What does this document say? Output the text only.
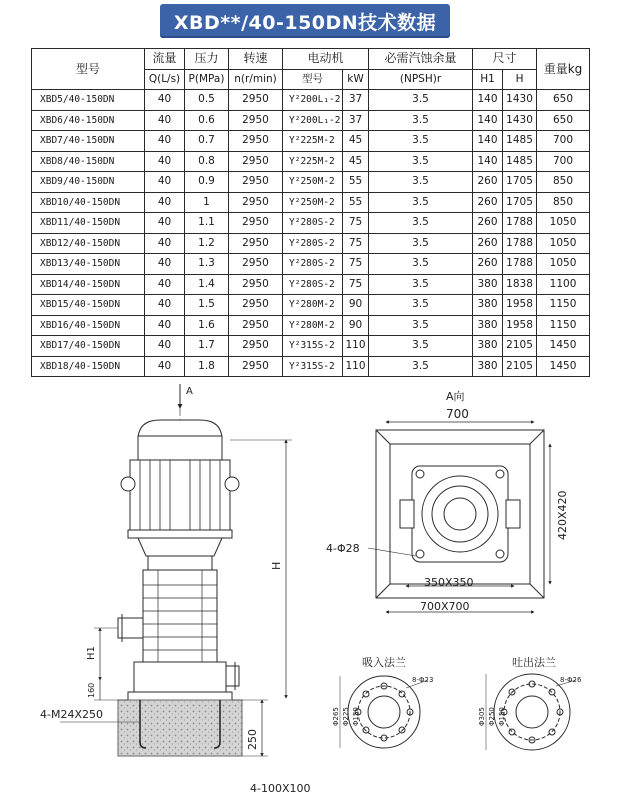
XBD**/40-150DN技术数据
型号	流量	压力	转速	电动机		必需汽蚀余量	尺寸		重量kg
	Q(L/s)	P(MPa)	n(r/min)	型号	kW	(NPSH)r	H1	H	
XBD5/40-150DN	40	0.5	2950	Y²200L₁-2	37	3.5	140	1430	650
XBD6/40-150DN	40	0.6	2950	Y²200L₁-2	37	3.5	140	1430	650
XBD7/40-150DN	40	0.7	2950	Y²225M-2	45	3.5	140	1485	700
XBD8/40-150DN	40	0.8	2950	Y²225M-2	45	3.5	140	1485	700
XBD9/40-150DN	40	0.9	2950	Y²250M-2	55	3.5	260	1705	850
XBD10/40-150DN	40	1	2950	Y²250M-2	55	3.5	260	1705	850
XBD11/40-150DN	40	1.1	2950	Y²280S-2	75	3.5	260	1788	1050
XBD12/40-150DN	40	1.2	2950	Y²280S-2	75	3.5	260	1788	1050
XBD13/40-150DN	40	1.3	2950	Y²280S-2	75	3.5	260	1788	1050
XBD14/40-150DN	40	1.4	2950	Y²280S-2	75	3.5	380	1838	1100
XBD15/40-150DN	40	1.5	2950	Y²280M-2	90	3.5	380	1958	1150
XBD16/40-150DN	40	1.6	2950	Y²280M-2	90	3.5	380	1958	1150
XBD17/40-150DN	40	1.7	2950	Y²315S-2	110	3.5	380	2105	1450
XBD18/40-150DN	40	1.8	2950	Y²315S-2	110	3.5	380	2105	1450
A
H
H1
160
250
4-M24X250
4-100X100
A向
700
420X420
4-Φ28
350X350
700X700
吸入法兰
8-Φ23
Φ265 Φ225 Φ150
吐出法兰
8-Φ26
Φ305 Φ250 Φ150
